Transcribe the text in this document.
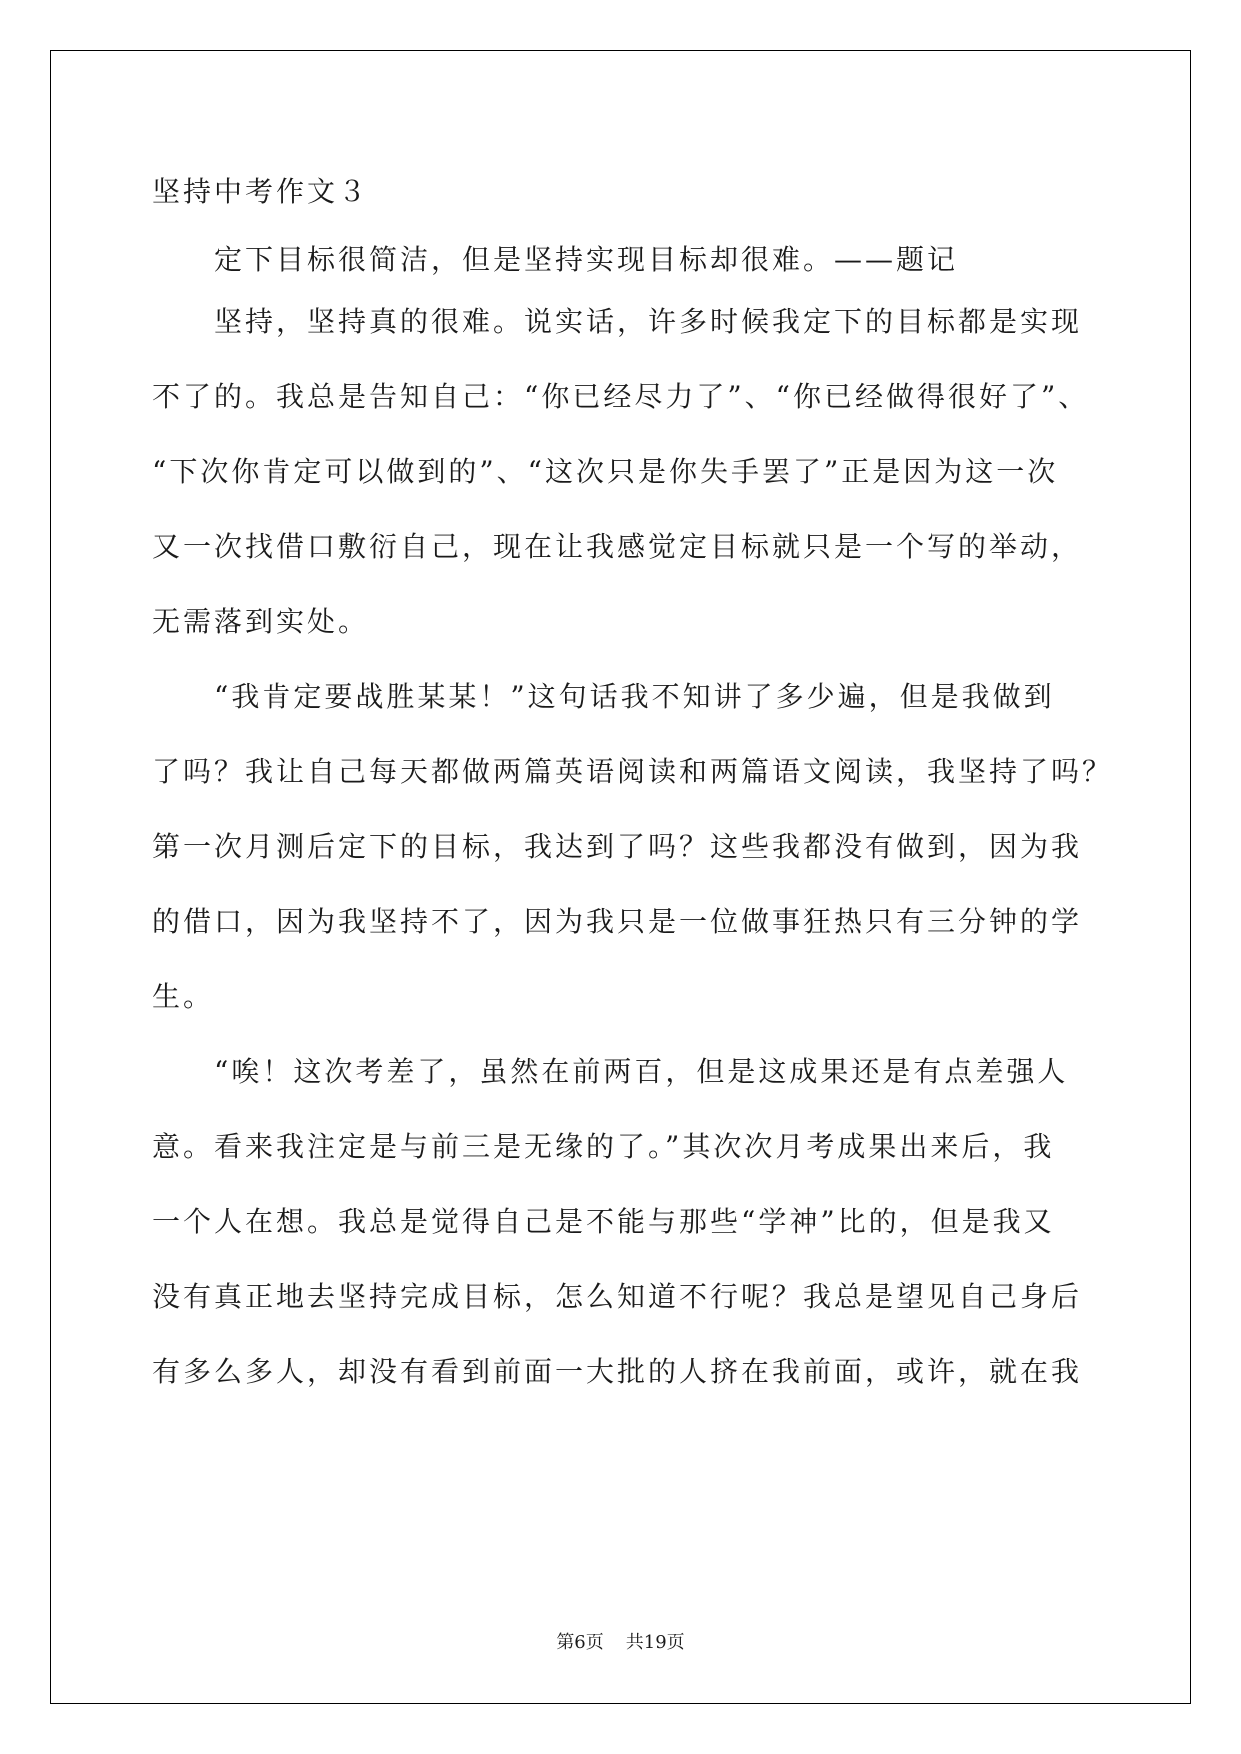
坚持中考作文３
定下目标很简洁，但是坚持实现目标却很难。——题记
坚持，坚持真的很难。说实话，许多时候我定下的目标都是实现
不了的。我总是告知自己：“你已经尽力了”、“你已经做得很好了”、
“下次你肯定可以做到的”、“这次只是你失手罢了”正是因为这一次
又一次找借口敷衍自己，现在让我感觉定目标就只是一个写的举动，
无需落到实处。
“我肯定要战胜某某！”这句话我不知讲了多少遍，但是我做到
了吗？我让自己每天都做两篇英语阅读和两篇语文阅读，我坚持了吗？
第一次月测后定下的目标，我达到了吗？这些我都没有做到，因为我
的借口，因为我坚持不了，因为我只是一位做事狂热只有三分钟的学
生。
“唉！这次考差了，虽然在前两百，但是这成果还是有点差强人
意。看来我注定是与前三是无缘的了。”其次次月考成果出来后，我
一个人在想。我总是觉得自己是不能与那些“学神”比的，但是我又
没有真正地去坚持完成目标，怎么知道不行呢？我总是望见自己身后
有多么多人，却没有看到前面一大批的人挤在我前面，或许，就在我
第6页 共19页
